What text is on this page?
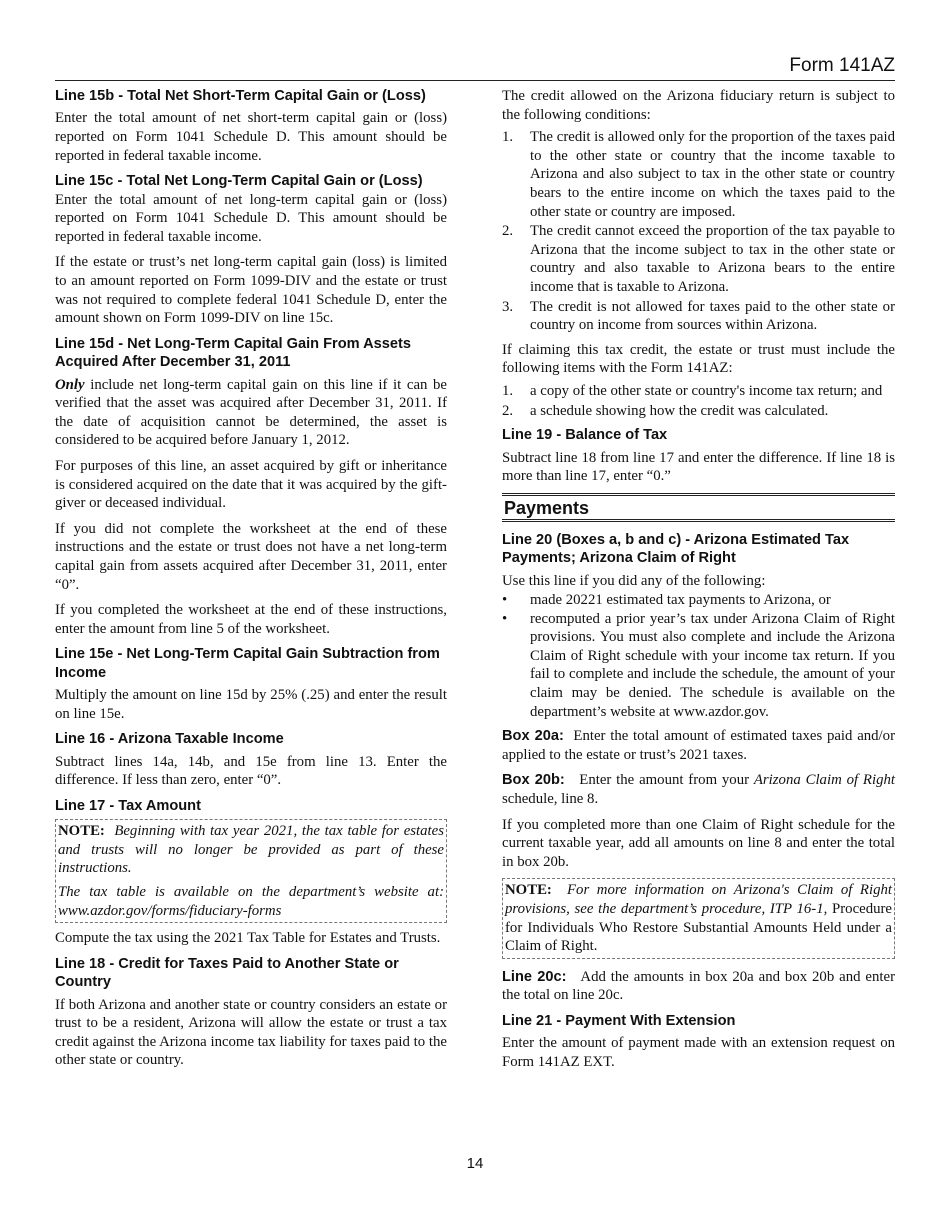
Form 141AZ
Line 15b - Total Net Short-Term Capital Gain or (Loss)

Enter the total amount of net short-term capital gain or (loss) reported on Form 1041 Schedule D. This amount should be reported in federal taxable income.

Line 15c - Total Net Long-Term Capital Gain or (Loss)

Enter the total amount of net long-term capital gain or (loss) reported on Form 1041 Schedule D. This amount should be reported in federal taxable income.

If the estate or trust’s net long-term capital gain (loss) is limited to an amount reported on Form 1099-DIV and the estate or trust was not required to complete federal 1041 Schedule D, enter the amount shown on Form 1099-DIV on line 15c.

Line 15d - Net Long-Term Capital Gain From Assets Acquired After December 31, 2011

Only include net long-term capital gain on this line if it can be verified that the asset was acquired after December 31, 2011. If the date of acquisition cannot be determined, the asset is considered to be acquired before January 1, 2012.

For purposes of this line, an asset acquired by gift or inheritance is considered acquired on the date that it was acquired by the gift-giver or deceased individual.

If you did not complete the worksheet at the end of these instructions and the estate or trust does not have a net long-term capital gain from assets acquired after December 31, 2011, enter “0”.

If you completed the worksheet at the end of these instructions, enter the amount from line 5 of the worksheet.

Line 15e - Net Long-Term Capital Gain Subtraction from Income

Multiply the amount on line 15d by 25% (.25) and enter the result on line 15e.

Line 16 - Arizona Taxable Income

Subtract lines 14a, 14b, and 15e from line 13. Enter the difference. If less than zero, enter “0”.

Line 17 - Tax Amount

NOTE: Beginning with tax year 2021, the tax table for estates and trusts will no longer be provided as part of these instructions.

The tax table is available on the department’s website at: www.azdor.gov/forms/fiduciary-forms

Compute the tax using the 2021 Tax Table for Estates and Trusts.

Line 18 - Credit for Taxes Paid to Another State or Country

If both Arizona and another state or country considers an estate or trust to be a resident, Arizona will allow the estate or trust a tax credit against the Arizona income tax liability for taxes paid to the other state or country.

The credit allowed on the Arizona fiduciary return is subject to the following conditions:

1.	The credit is allowed only for the proportion of the taxes paid to the other state or country that the income taxable to Arizona and also subject to tax in the other state or country bears to the entire income on which the taxes paid to the other state or country are imposed.
2.	The credit cannot exceed the proportion of the tax payable to Arizona that the income subject to tax in the other state or country and also taxable to Arizona bears to the entire income that is taxable to Arizona.
3.	The credit is not allowed for taxes paid to the other state or country on income from sources within Arizona.

If claiming this tax credit, the estate or trust must include the following items with the Form 141AZ:

1.	a copy of the other state or country's income tax return; and
2.	a schedule showing how the credit was calculated.
Line 19 - Balance of Tax

Subtract line 18 from line 17 and enter the difference. If line 18 is more than line 17, enter “0.”

Payments
Line 20 (Boxes a, b and c) - Arizona Estimated Tax Payments; Arizona Claim of Right

Use this line if you did any of the following:

•	made 20221 estimated tax payments to Arizona, or
•	recomputed a prior year’s tax under Arizona Claim of Right provisions. You must also complete and include the Arizona Claim of Right schedule with your income tax return. If you fail to complete and include the schedule, the amount of your claim may be denied. The schedule is available on the department’s website at www.azdor.gov.

Box 20a: Enter the total amount of estimated taxes paid and/or applied to the estate or trust’s 2021 taxes.

Box 20b: Enter the amount from your Arizona Claim of Right schedule, line 8.

If you completed more than one Claim of Right schedule for the current taxable year, add all amounts on line 8 and enter the total in box 20b.

NOTE: For more information on Arizona's Claim of Right provisions, see the department’s procedure, ITP 16-1, Procedure for Individuals Who Restore Substantial Amounts Held under a Claim of Right.

Line 20c: Add the amounts in box 20a and box 20b and enter the total on line 20c.

Line 21 - Payment With Extension

Enter the amount of payment made with an extension request on Form 141AZ EXT.

14
